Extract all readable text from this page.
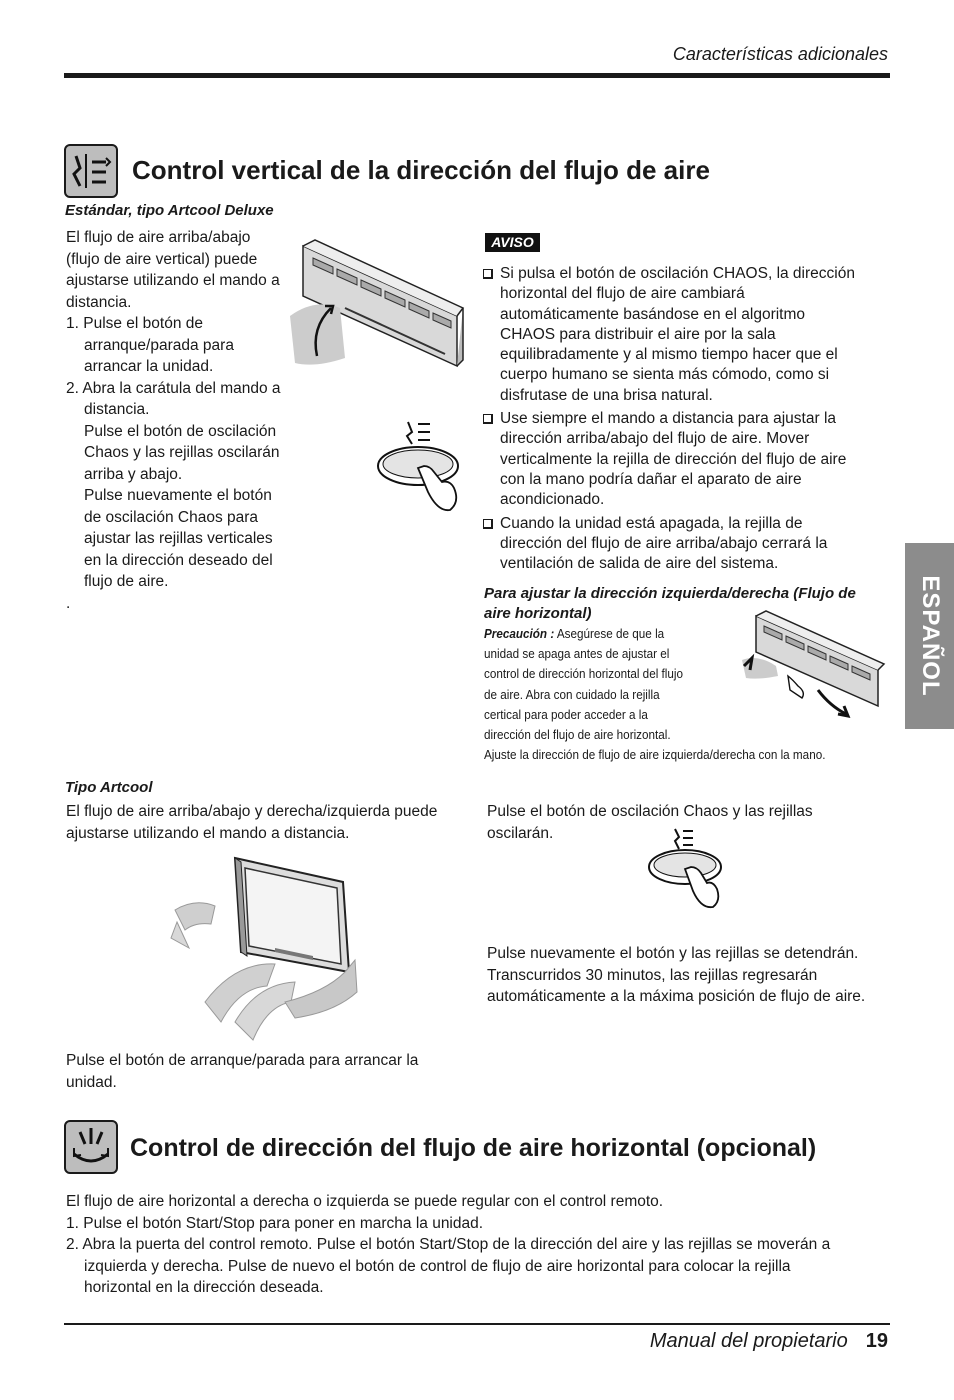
Características adicionales
ESPAÑOL
Control vertical de la dirección del flujo de aire
Estándar, tipo Artcool Deluxe
El flujo de aire arriba/abajo
(flujo de aire vertical) puede
ajustarse utilizando el mando a
distancia.
1. Pulse el botón de
arranque/parada para
arrancar la unidad.
2. Abra la carátula del mando a
distancia.
Pulse el botón de oscilación
Chaos y las rejillas oscilarán
arriba y abajo.
Pulse nuevamente el botón
de oscilación Chaos para
ajustar las rejillas verticales
en la dirección deseado del
flujo de aire.
.
AVISO
Si pulsa el botón de oscilación CHAOS, la dirección
horizontal del flujo de aire cambiará
automáticamente basándose en el algoritmo
CHAOS para distribuir el aire por la sala
equilibradamente y al mismo tiempo hacer que el
cuerpo humano se sienta más cómodo, como si
disfrutase de una brisa natural.
Use siempre el mando a distancia para ajustar la
dirección arriba/abajo del flujo de aire. Mover
verticalmente la rejilla de dirección del flujo de aire
con la mano podría dañar el aparato de aire
acondicionado.
Cuando la unidad está apagada, la rejilla de
dirección del flujo de aire arriba/abajo cerrará la
ventilación de salida de aire del sistema.
Para ajustar la dirección izquierda/derecha (Flujo de
aire horizontal)
Precaución : Asegúrese de que la
unidad se apaga antes de ajustar el
control de dirección horizontal del flujo
de aire. Abra con cuidado la rejilla
certical para poder acceder a la
dirección del flujo de aire horizontal.
Ajuste la dirección de flujo de aire izquierda/derecha con la mano.
Tipo Artcool
El flujo de aire arriba/abajo y derecha/izquierda puede
ajustarse utilizando el mando a distancia.
Pulse el botón de arranque/parada para arrancar la
unidad.
Pulse el botón de oscilación Chaos y las rejillas
oscilarán.
Pulse nuevamente el botón y las rejillas se detendrán.
Transcurridos 30 minutos, las rejillas regresarán
automáticamente a la máxima posición de flujo de aire.
Control de dirección del flujo de aire horizontal (opcional)
El flujo de aire horizontal a derecha o izquierda se puede regular con el control remoto.
1. Pulse el botón Start/Stop para poner en marcha la unidad.
2. Abra la puerta del control remoto. Pulse el botón Start/Stop de la dirección del aire y las rejillas se moverán a
izquierda y derecha. Pulse de nuevo el botón de control de flujo de aire horizontal para colocar la rejilla
horizontal en la dirección deseada.
Manual del propietario 19
